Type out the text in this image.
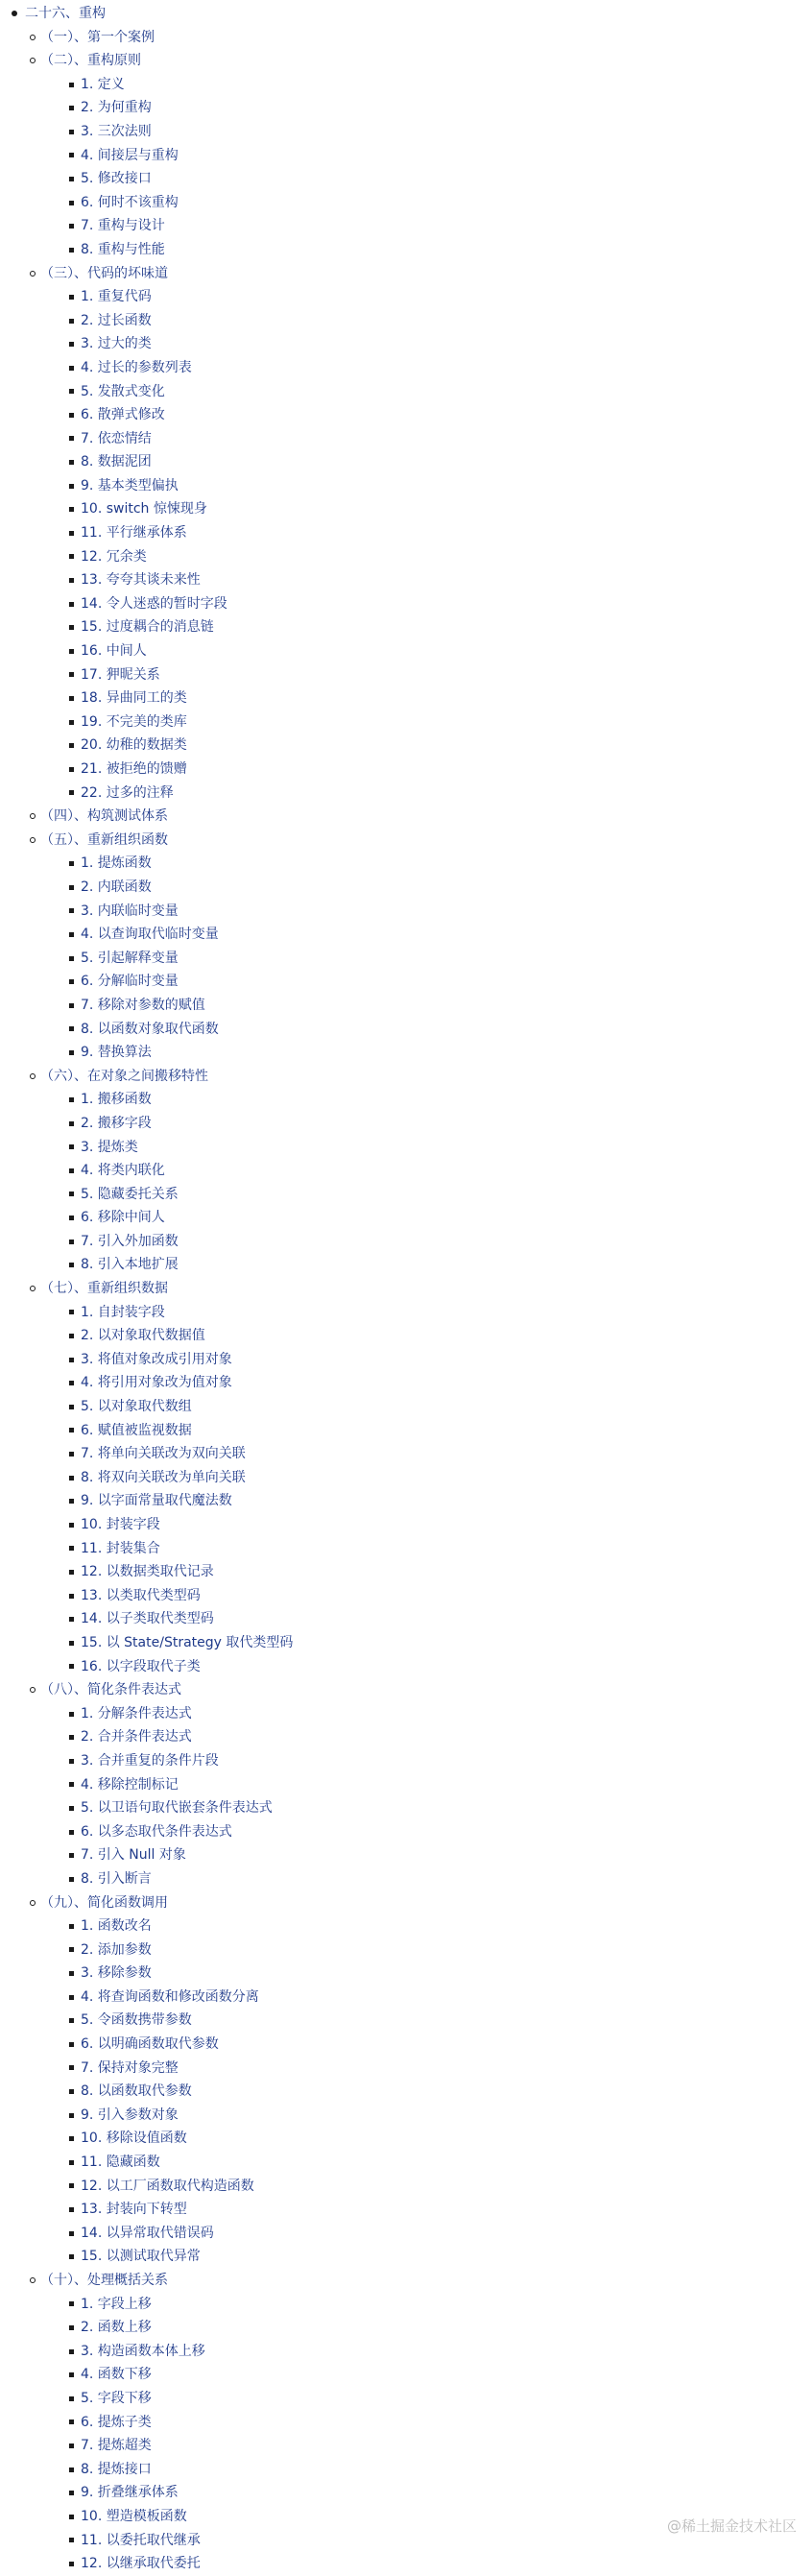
二十六、重构
（一）、第一个案例
（二）、重构原则
1. 定义
2. 为何重构
3. 三次法则
4. 间接层与重构
5. 修改接口
6. 何时不该重构
7. 重构与设计
8. 重构与性能
（三）、代码的坏味道
1. 重复代码
2. 过长函数
3. 过大的类
4. 过长的参数列表
5. 发散式变化
6. 散弹式修改
7. 依恋情结
8. 数据泥团
9. 基本类型偏执
10. switch 惊悚现身
11. 平行继承体系
12. 冗余类
13. 夸夸其谈未来性
14. 令人迷惑的暂时字段
15. 过度耦合的消息链
16. 中间人
17. 狎昵关系
18. 异曲同工的类
19. 不完美的类库
20. 幼稚的数据类
21. 被拒绝的馈赠
22. 过多的注释
（四）、构筑测试体系
（五）、重新组织函数
1. 提炼函数
2. 内联函数
3. 内联临时变量
4. 以查询取代临时变量
5. 引起解释变量
6. 分解临时变量
7. 移除对参数的赋值
8. 以函数对象取代函数
9. 替换算法
（六）、在对象之间搬移特性
1. 搬移函数
2. 搬移字段
3. 提炼类
4. 将类内联化
5. 隐藏委托关系
6. 移除中间人
7. 引入外加函数
8. 引入本地扩展
（七）、重新组织数据
1. 自封装字段
2. 以对象取代数据值
3. 将值对象改成引用对象
4. 将引用对象改为值对象
5. 以对象取代数组
6. 赋值被监视数据
7. 将单向关联改为双向关联
8. 将双向关联改为单向关联
9. 以字面常量取代魔法数
10. 封装字段
11. 封装集合
12. 以数据类取代记录
13. 以类取代类型码
14. 以子类取代类型码
15. 以 State/Strategy 取代类型码
16. 以字段取代子类
（八）、简化条件表达式
1. 分解条件表达式
2. 合并条件表达式
3. 合并重复的条件片段
4. 移除控制标记
5. 以卫语句取代嵌套条件表达式
6. 以多态取代条件表达式
7. 引入 Null 对象
8. 引入断言
（九）、简化函数调用
1. 函数改名
2. 添加参数
3. 移除参数
4. 将查询函数和修改函数分离
5. 令函数携带参数
6. 以明确函数取代参数
7. 保持对象完整
8. 以函数取代参数
9. 引入参数对象
10. 移除设值函数
11. 隐藏函数
12. 以工厂函数取代构造函数
13. 封装向下转型
14. 以异常取代错误码
15. 以测试取代异常
（十）、处理概括关系
1. 字段上移
2. 函数上移
3. 构造函数本体上移
4. 函数下移
5. 字段下移
6. 提炼子类
7. 提炼超类
8. 提炼接口
9. 折叠继承体系
10. 塑造模板函数
11. 以委托取代继承
12. 以继承取代委托
@稀土掘金技术社区
